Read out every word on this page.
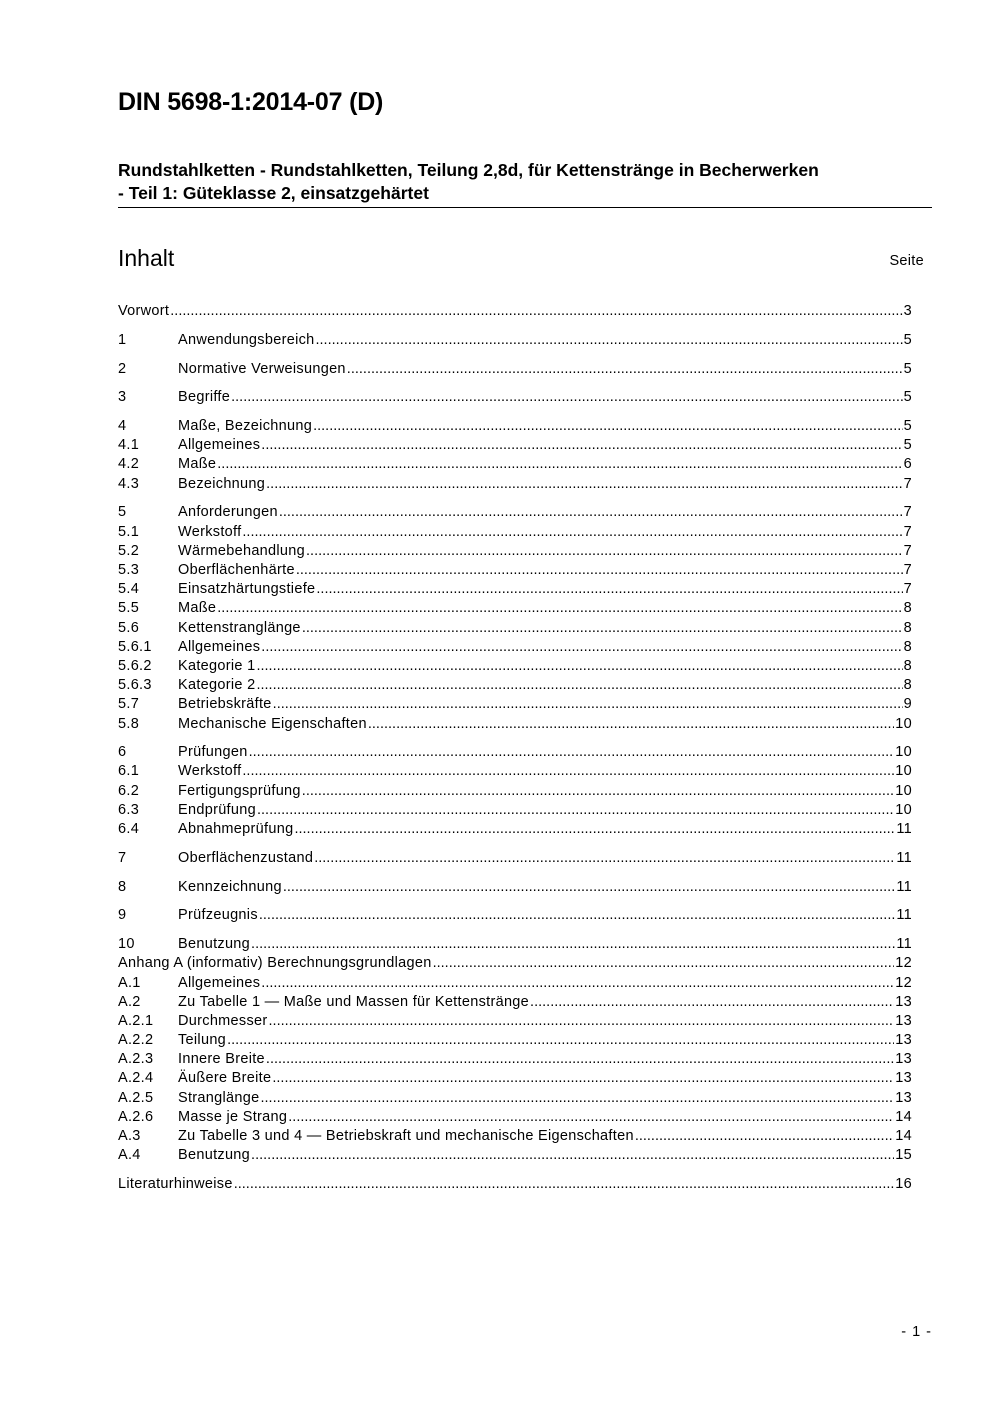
DIN 5698-1:2014-07 (D)
Rundstahlketten - Rundstahlketten, Teilung 2,8d, für Kettenstränge in Becherwerken
- Teil 1: Güteklasse 2, einsatzgehärtet
Inhalt	Seite
Vorwort .....	3
1	Anwendungsbereich .....	5
2	Normative Verweisungen .....	5
3	Begriffe .....	5
4	Maße, Bezeichnung .....	5
4.1	Allgemeines .....	5
4.2	Maße .....	6
4.3	Bezeichnung .....	7
5	Anforderungen .....	7
5.1	Werkstoff .....	7
5.2	Wärmebehandlung .....	7
5.3	Oberflächenhärte .....	7
5.4	Einsatzhärtungstiefe .....	7
5.5	Maße .....	8
5.6	Kettenstranglänge .....	8
5.6.1	Allgemeines .....	8
5.6.2	Kategorie 1 .....	8
5.6.3	Kategorie 2 .....	8
5.7	Betriebskräfte .....	9
5.8	Mechanische Eigenschaften .....	10
6	Prüfungen .....	10
6.1	Werkstoff .....	10
6.2	Fertigungsprüfung .....	10
6.3	Endprüfung .....	10
6.4	Abnahmeprüfung .....	11
7	Oberflächenzustand .....	11
8	Kennzeichnung .....	11
9	Prüfzeugnis .....	11
10	Benutzung .....	11
Anhang A (informativ) Berechnungsgrundlagen .....	12
A.1	Allgemeines .....	12
A.2	Zu Tabelle 1 — Maße und Massen für Kettenstränge .....	13
A.2.1	Durchmesser .....	13
A.2.2	Teilung .....	13
A.2.3	Innere Breite .....	13
A.2.4	Äußere Breite .....	13
A.2.5	Stranglänge .....	13
A.2.6	Masse je Strang .....	14
A.3	Zu Tabelle 3 und 4 — Betriebskraft und mechanische Eigenschaften .....	14
A.4	Benutzung .....	15
Literaturhinweise .....	16
- 1 -
